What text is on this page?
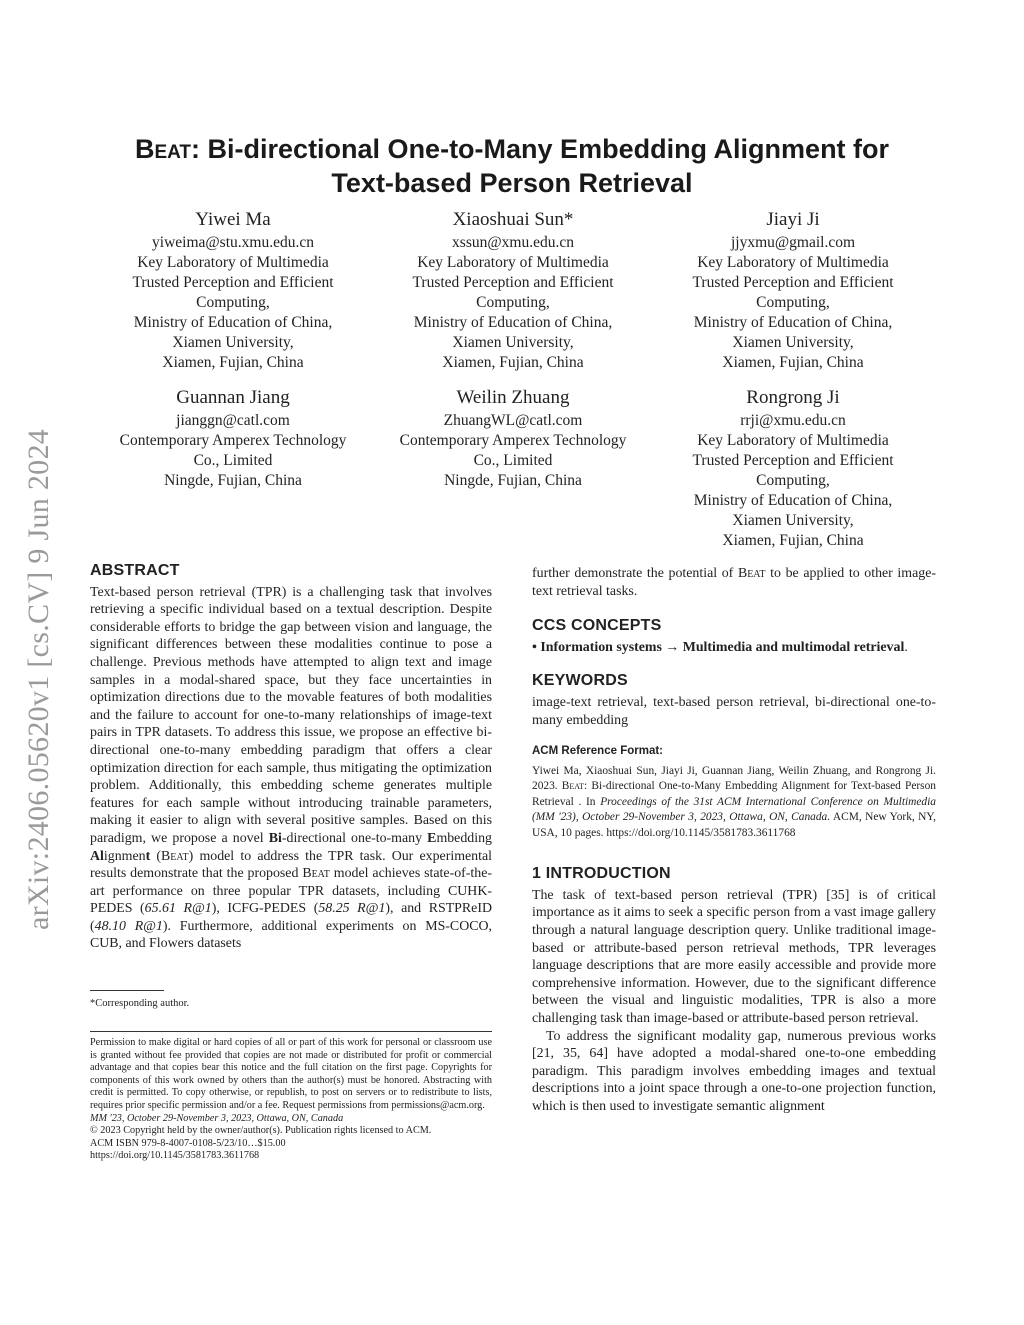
arXiv:2406.05620v1 [cs.CV] 9 Jun 2024
Beat: Bi-directional One-to-Many Embedding Alignment for
Text-based Person Retrieval
Yiwei Ma
yiweima@stu.xmu.edu.cn
Key Laboratory of Multimedia
Trusted Perception and Efficient
Computing,
Ministry of Education of China,
Xiamen University,
Xiamen, Fujian, China
Xiaoshuai Sun*
xssun@xmu.edu.cn
Key Laboratory of Multimedia
Trusted Perception and Efficient
Computing,
Ministry of Education of China,
Xiamen University,
Xiamen, Fujian, China
Jiayi Ji
jjyxmu@gmail.com
Key Laboratory of Multimedia
Trusted Perception and Efficient
Computing,
Ministry of Education of China,
Xiamen University,
Xiamen, Fujian, China
Guannan Jiang
jianggn@catl.com
Contemporary Amperex Technology
Co., Limited
Ningde, Fujian, China
Weilin Zhuang
ZhuangWL@catl.com
Contemporary Amperex Technology
Co., Limited
Ningde, Fujian, China
Rongrong Ji
rrji@xmu.edu.cn
Key Laboratory of Multimedia
Trusted Perception and Efficient
Computing,
Ministry of Education of China,
Xiamen University,
Xiamen, Fujian, China
ABSTRACT

Text-based person retrieval (TPR) is a challenging task that involves retrieving a specific individual based on a textual description. Despite considerable efforts to bridge the gap between vision and language, the significant differences between these modalities continue to pose a challenge. Previous methods have attempted to align text and image samples in a modal-shared space, but they face uncertainties in optimization directions due to the movable features of both modalities and the failure to account for one-to-many relationships of image-text pairs in TPR datasets. To address this issue, we propose an effective bi-directional one-to-many embedding paradigm that offers a clear optimization direction for each sample, thus mitigating the optimization problem. Additionally, this embedding scheme generates multiple features for each sample without introducing trainable parameters, making it easier to align with several positive samples. Based on this paradigm, we propose a novel Bi-directional one-to-many Embedding Alignment (Beat) model to address the TPR task. Our experimental results demonstrate that the proposed Beat model achieves state-of-the-art performance on three popular TPR datasets, including CUHK-PEDES (65.61 R@1), ICFG-PEDES (58.25 R@1), and RSTPReID (48.10 R@1). Furthermore, additional experiments on MS-COCO, CUB, and Flowers datasets

*Corresponding author.
Permission to make digital or hard copies of all or part of this work for personal or classroom use is granted without fee provided that copies are not made or distributed for profit or commercial advantage and that copies bear this notice and the full citation on the first page. Copyrights for components of this work owned by others than the author(s) must be honored. Abstracting with credit is permitted. To copy otherwise, or republish, to post on servers or to redistribute to lists, requires prior specific permission and/or a fee. Request permissions from permissions@acm.org.
MM '23, October 29-November 3, 2023, Ottawa, ON, Canada
© 2023 Copyright held by the owner/author(s). Publication rights licensed to ACM.
ACM ISBN 979-8-4007-0108-5/23/10…$15.00
https://doi.org/10.1145/3581783.3611768

further demonstrate the potential of Beat to be applied to other image-text retrieval tasks.

CCS CONCEPTS

• Information systems → Multimedia and multimodal retrieval.

KEYWORDS

image-text retrieval, text-based person retrieval, bi-directional one-to-many embedding

ACM Reference Format:

Yiwei Ma, Xiaoshuai Sun, Jiayi Ji, Guannan Jiang, Weilin Zhuang, and Rongrong Ji. 2023. Beat: Bi-directional One-to-Many Embedding Alignment for Text-based Person Retrieval . In Proceedings of the 31st ACM International Conference on Multimedia (MM '23), October 29-November 3, 2023, Ottawa, ON, Canada. ACM, New York, NY, USA, 10 pages. https://doi.org/10.1145/3581783.3611768

1 INTRODUCTION

The task of text-based person retrieval (TPR) [35] is of critical importance as it aims to seek a specific person from a vast image gallery through a natural language description query. Unlike traditional image-based or attribute-based person retrieval methods, TPR leverages language descriptions that are more easily accessible and provide more comprehensive information. However, due to the significant difference between the visual and linguistic modalities, TPR is also a more challenging task than image-based or attribute-based person retrieval.

To address the significant modality gap, numerous previous works [21, 35, 64] have adopted a modal-shared one-to-one embedding paradigm. This paradigm involves embedding images and textual descriptions into a joint space through a one-to-one projection function, which is then used to investigate semantic alignment
